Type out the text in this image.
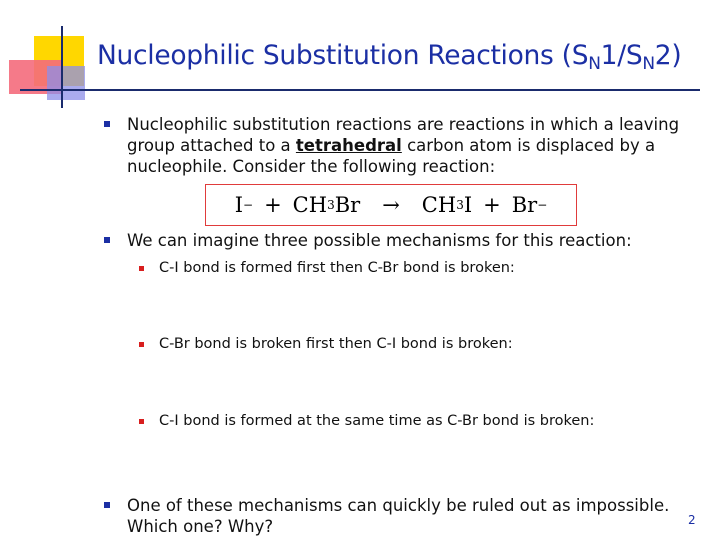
Nucleophilic Substitution Reactions $(S_N1/S_N2)$
Nucleophilic substitution reactions are reactions in which a leaving group attached to a tetrahedral carbon atom is displaced by a nucleophile. Consider the following reaction:
I − + CH 3 Br → CH 3 I + Br −
We can imagine three possible mechanisms for this reaction:
C-I bond is formed first then C-Br bond is broken:
C-Br bond is broken first then C-I bond is broken:
C-I bond is formed at the same time as C-Br bond is broken:
One of these mechanisms can quickly be ruled out as impossible. Which one? Why?	2
